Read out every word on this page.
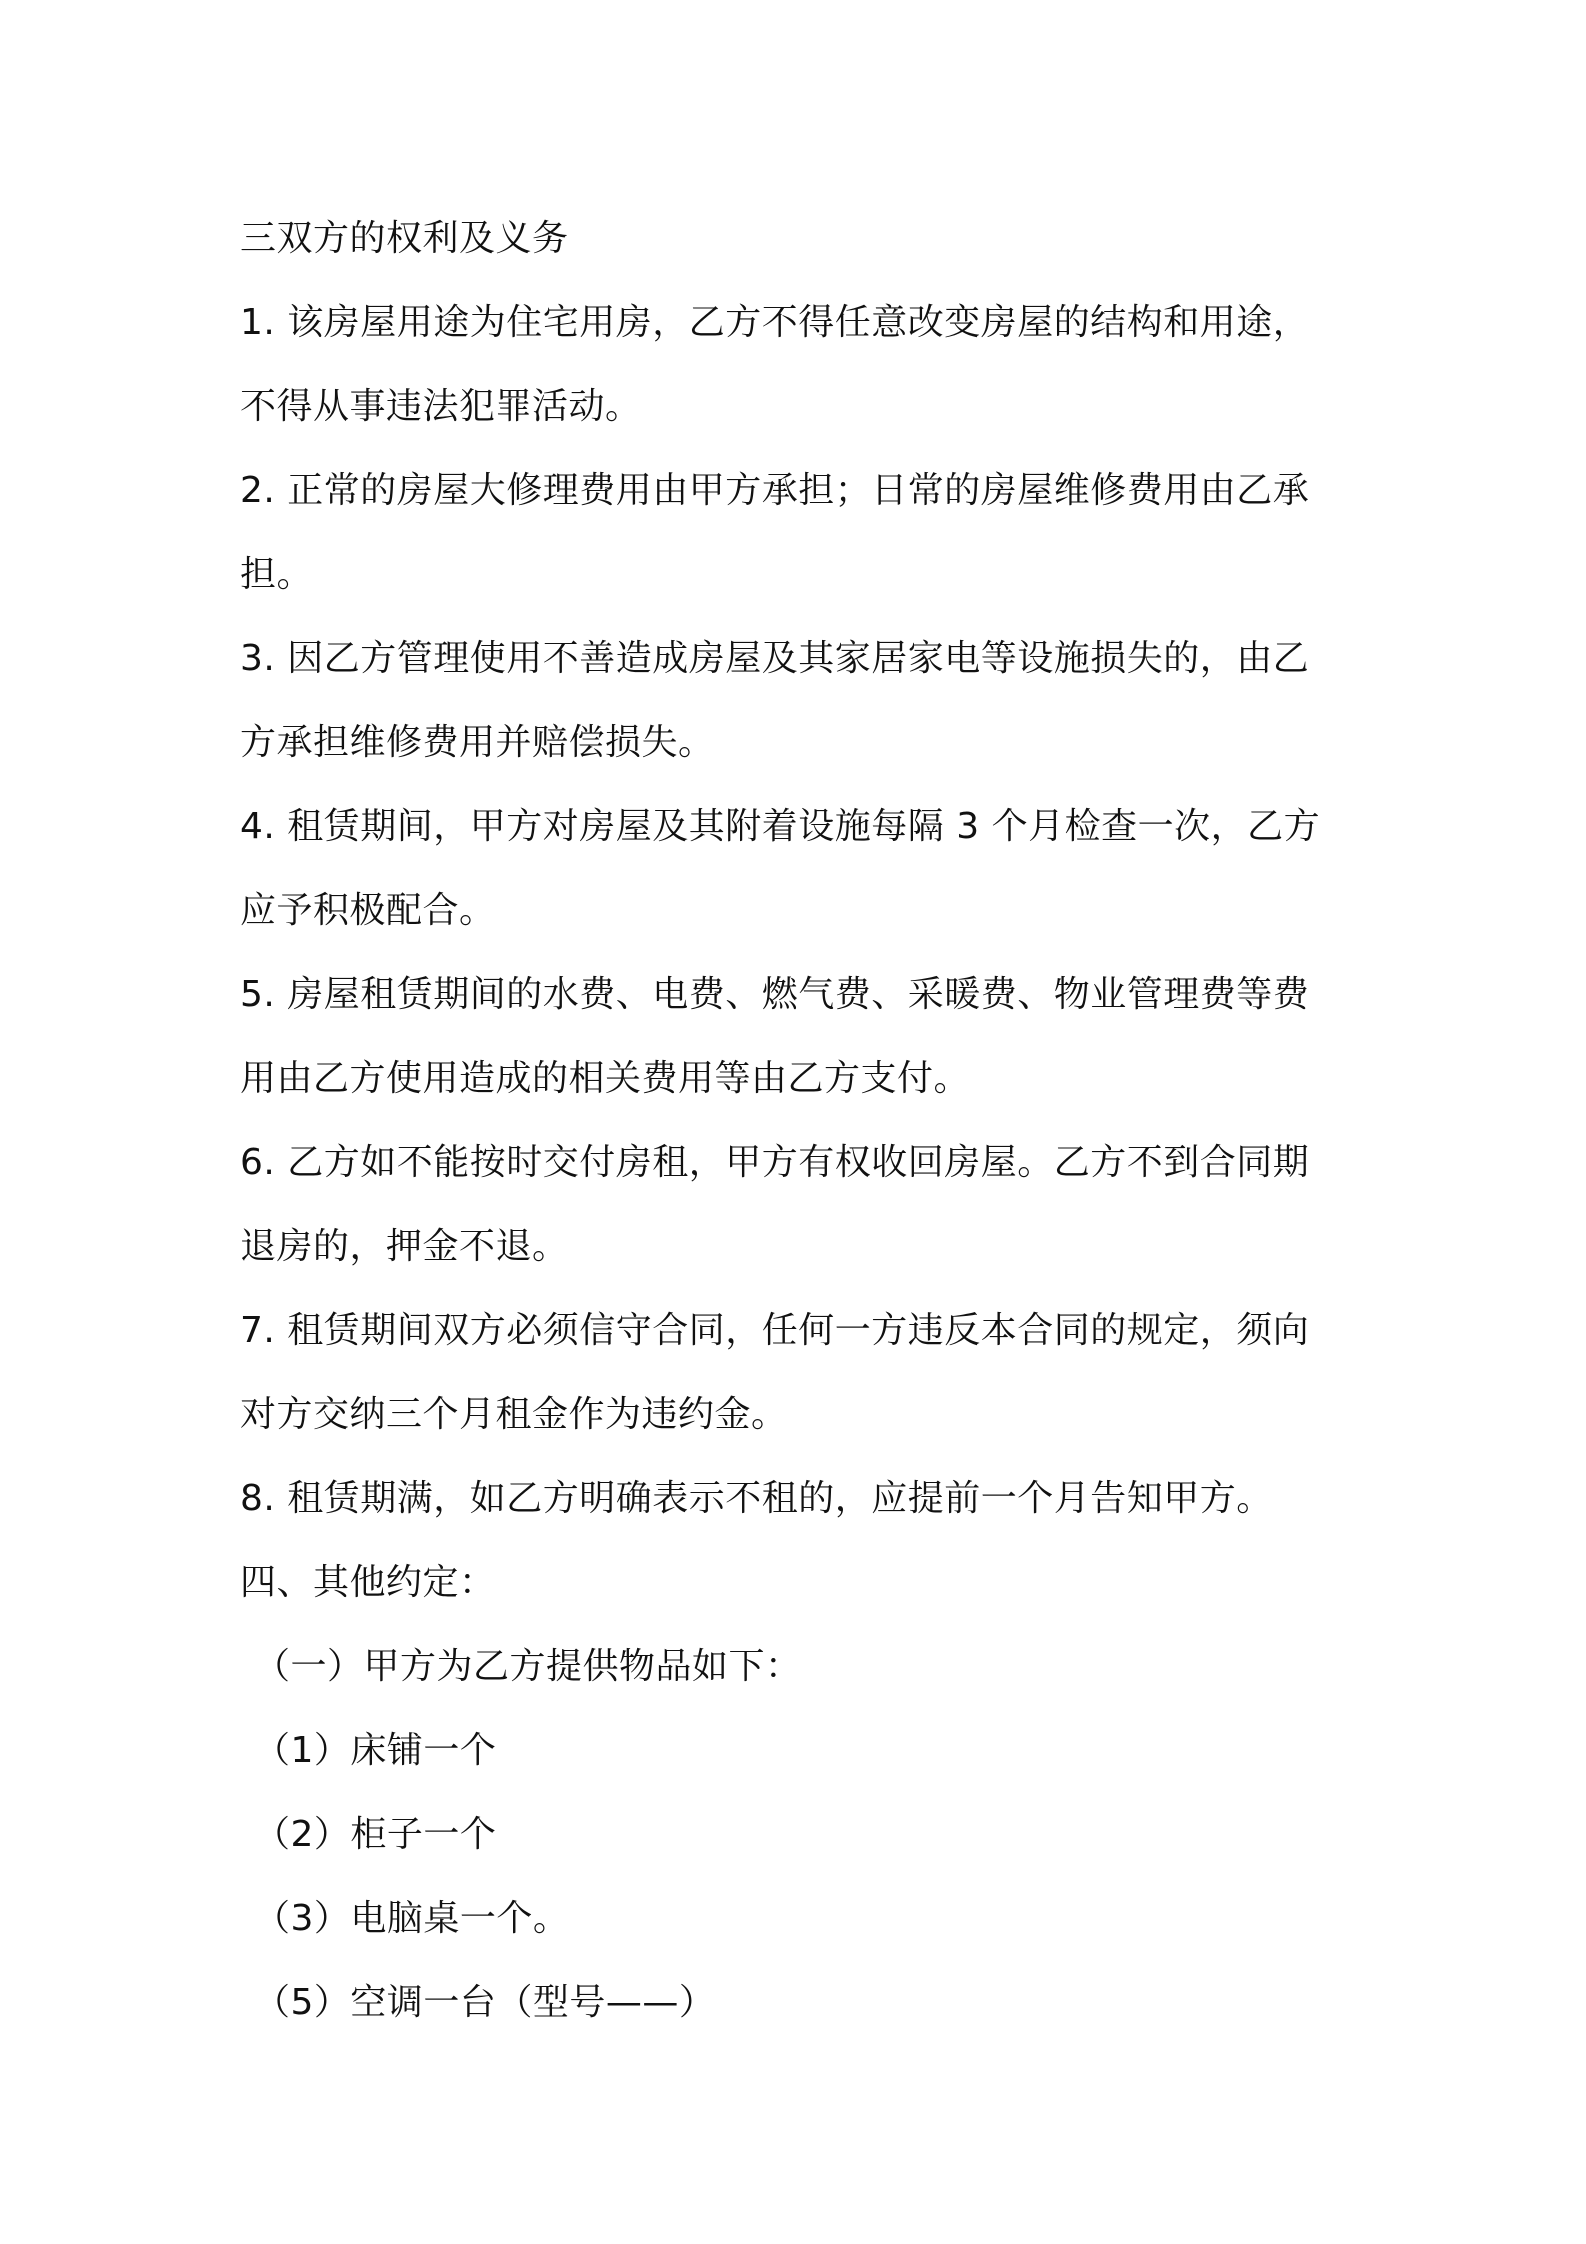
三双方的权利及义务
1. 该房屋用途为住宅用房，乙方不得任意改变房屋的结构和用途，
不得从事违法犯罪活动。
2. 正常的房屋大修理费用由甲方承担；日常的房屋维修费用由乙承
担。
3. 因乙方管理使用不善造成房屋及其家居家电等设施损失的，由乙
方承担维修费用并赔偿损失。
4. 租赁期间，甲方对房屋及其附着设施每隔 3 个月检查一次，乙方
应予积极配合。
5. 房屋租赁期间的水费、电费、燃气费、采暖费、物业管理费等费
用由乙方使用造成的相关费用等由乙方支付。
6. 乙方如不能按时交付房租，甲方有权收回房屋。乙方不到合同期
退房的，押金不退。
7. 租赁期间双方必须信守合同，任何一方违反本合同的规定，须向
对方交纳三个月租金作为违约金。
8. 租赁期满，如乙方明确表示不租的，应提前一个月告知甲方。
四、其他约定：
（一）甲方为乙方提供物品如下：
（1）床铺一个
（2）柜子一个
（3）电脑桌一个。
（5）空调一台（型号——）
